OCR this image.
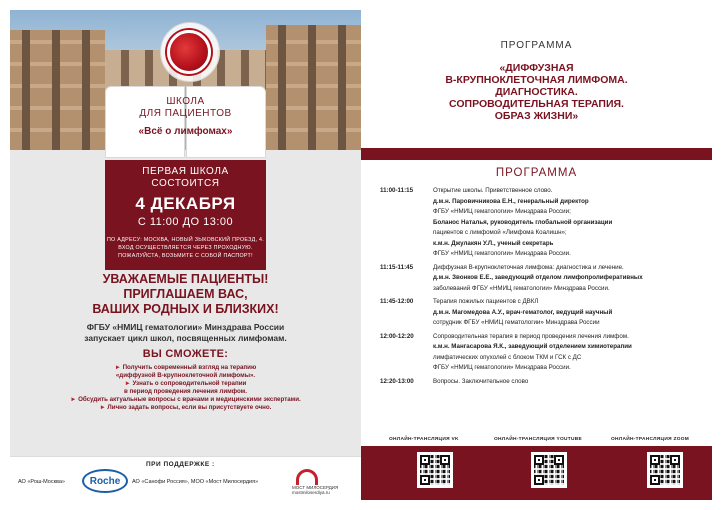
ШКОЛА
ДЛЯ ПАЦИЕНТОВ
«Всё о лимфомах»
ПЕРВАЯ ШКОЛА
СОСТОИТСЯ
4 ДЕКАБРЯ
С 11:00 ДО 13:00
ПО АДРЕСУ: МОСКВА, НОВЫЙ ЗЫКОВСКИЙ ПРОЕЗД, 4.
ВХОД ОСУЩЕСТВЛЯЕТСЯ ЧЕРЕЗ ПРОХОДНУЮ.
ПОЖАЛУЙСТА, ВОЗЬМИТЕ С СОБОЙ ПАСПОРТ!
УВАЖАЕМЫЕ ПАЦИЕНТЫ!
ПРИГЛАШАЕМ ВАС,
ВАШИХ РОДНЫХ И БЛИЗКИХ!
ФГБУ «НМИЦ гематологии» Минздрава России
запускает цикл школ, посвященных лимфомам.
ВЫ СМОЖЕТЕ:
► Получить современный взгляд на терапию
«диффузной В-крупноклеточной лимфомы».
► Узнать о сопроводительной терапии
в период проведения лечения лимфом.
► Обсудить актуальные вопросы с врачами и медицинскими экспертами.
► Лично задать вопросы, если вы присутствуете очно.
ПРИ ПОДДЕРЖКЕ :
АО «Рош-Москва»	Roche	АО «Санофи Россия», МОО «Мост Милосердия»
МОСТ МИЛОСЕРДИЯ
mostmiloserdiya.ru
ПРОГРАММА
«ДИФФУЗНАЯ
В-КРУПНОКЛЕТОЧНАЯ ЛИМФОМА.
ДИАГНОСТИКА.
СОПРОВОДИТЕЛЬНАЯ ТЕРАПИЯ.
ОБРАЗ ЖИЗНИ»
ПРОГРАММА
11:00-11:15	Открытие школы. Приветственное слово.
д.м.н. Паровичникова Е.Н., генеральный директор
ФГБУ «НМИЦ гематологии» Минздрава России;
Боланос Наталья, руководитель глобальной организации
пациентов с лимфомой «Лимфома Коалишн»;
к.м.н. Джулакян У.Л., ученый секретарь
ФГБУ «НМИЦ гематологии» Минздрава России.
11:15-11:45	Диффузная В-крупноклеточная лимфома: диагностика и лечение.
д.м.н. Звонков Е.Е., заведующий отделом лимфопролиферативных
заболеваний ФГБУ «НМИЦ гематологии» Минздрава России.
11:45-12:00	Терапия пожилых пациентов с ДВКЛ
д.м.н. Магомедова А.У., врач-гематолог, ведущий научный
сотрудник ФГБУ «НМИЦ гематологии» Минздрава России
12:00-12:20	Сопроводительная терапия в период проведения лечения лимфом.
к.м.н. Мангасарова Я.К., заведующий отделением химиотерапии
лимфатических опухолей с блоком ТКМ и ГСК с ДС
ФГБУ «НМИЦ гематологии» Минздрава России.
12:20-13:00	Вопросы. Заключительное слово
ОНЛАЙН-ТРАНСЛЯЦИЯ VK	ОНЛАЙН-ТРАНСЛЯЦИЯ YOUTUBE	ОНЛАЙН-ТРАНСЛЯЦИЯ ZOOM
